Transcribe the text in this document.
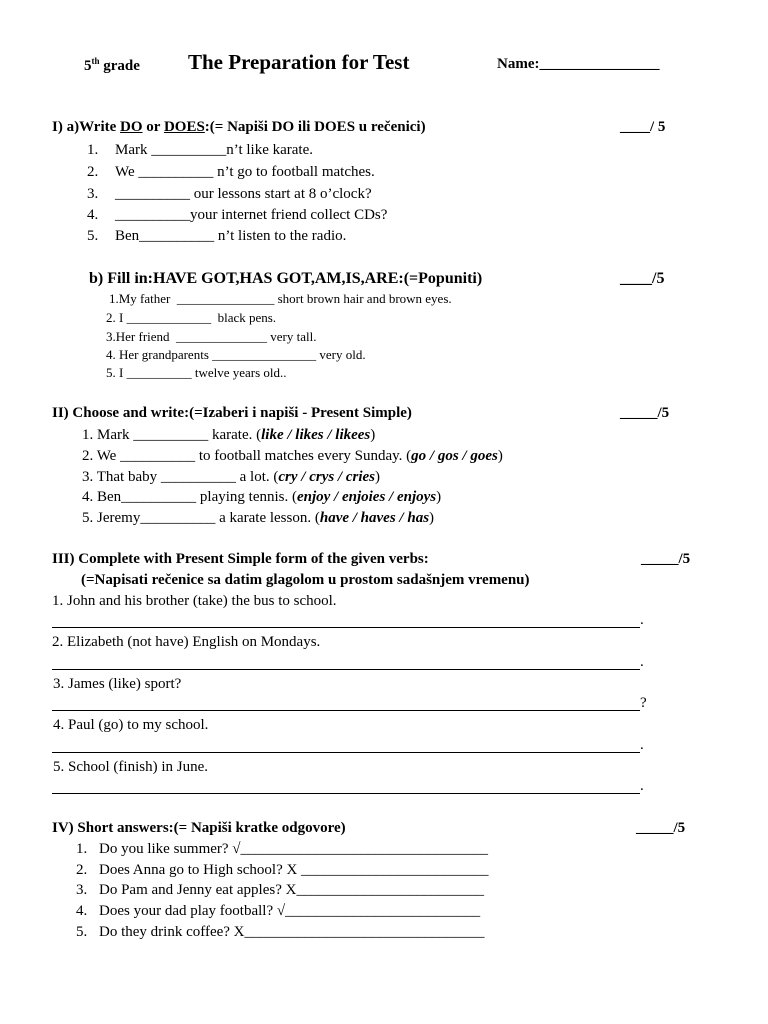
5th grade The Preparation for Test	Name:________________
I) a)Write DO or DOES:(= Napiši DO ili DOES u rečenici)	____/ 5
1. Mark __________n’t like karate.
2. We __________ n’t go to football matches.
3. __________ our lessons start at 8 o’clock?
4. __________your internet friend collect CDs?
5. Ben__________ n’t listen to the radio.
b) Fill in:HAVE GOT,HAS GOT,AM,IS,ARE:(=Popuniti)	____/5
1.My father  _______________ short brown hair and brown eyes.
2. I _____________  black pens.
3.Her friend  ______________ very tall.
4. Her grandparents ________________ very old.
5. I __________ twelve years old..
II) Choose and write:(=Izaberi i napiši - Present Simple)	_____/5
1. Mark __________ karate. (like / likes / likees)
2. We __________ to football matches every Sunday. (go / gos / goes)
3. That baby __________ a lot. (cry / crys / cries)
4. Ben__________ playing tennis. (enjoy / enjoies / enjoys)
5. Jeremy__________ a karate lesson. (have / haves / has)
III) Complete with Present Simple form of the given verbs:	_____/5
(=Napisati rečenice sa datim glagolom u prostom sadašnjem vremenu)
1. John and his brother (take) the bus to school.
.
2. Elizabeth (not have) English on Mondays.
.
3. James (like) sport?
?
4. Paul (go) to my school.
.
5. School (finish) in June.
.
IV) Short answers:(= Napiši kratke odgovore)	_____/5
1. Do you like summer? √_________________________________
2. Does Anna go to High school? X _________________________
3. Do Pam and Jenny eat apples? X_________________________
4. Does your dad play football? √__________________________
5. Do they drink coffee? X________________________________
